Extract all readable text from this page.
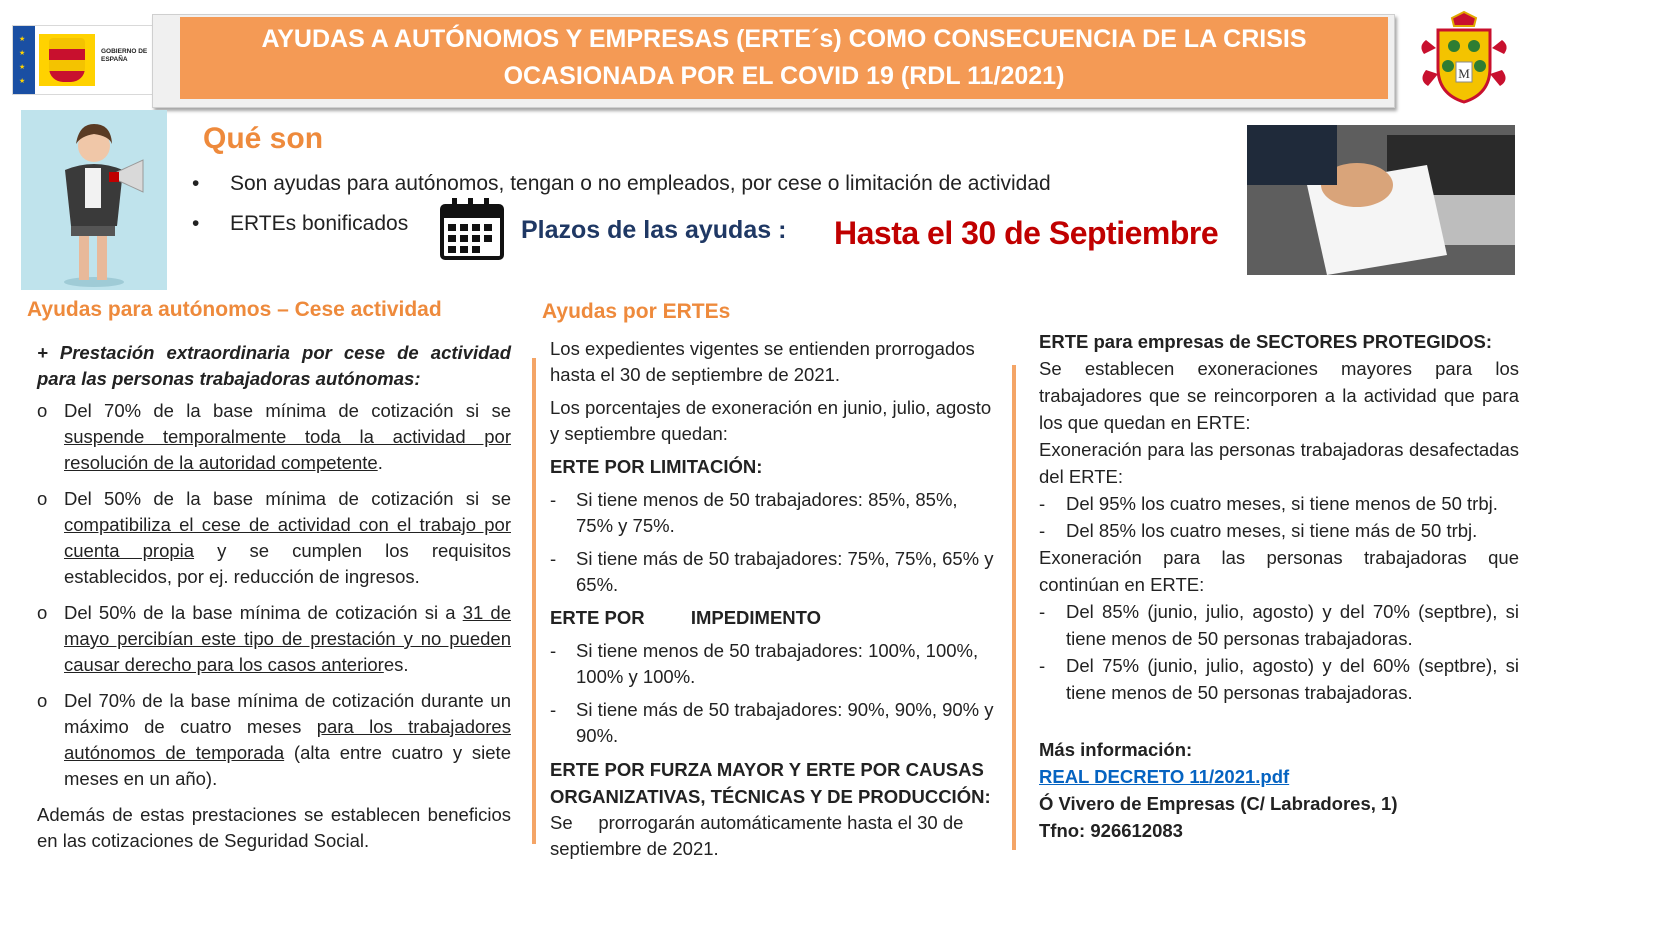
★
★
★
★
GOBIERNO DE ESPAÑA
AYUDAS A AUTÓNOMOS Y EMPRESAS (ERTE´s) COMO CONSECUENCIA DE LA CRISIS
OCASIONADA POR EL COVID 19 (RDL 11/2021)	M
Qué son
• Son ayudas para autónomos, tengan o no empleados, por cese o limitación de actividad
• ERTEs bonificados	Plazos de las ayudas : Hasta el 30 de Septiembre
Ayudas para autónomos – Cese actividad
+ Prestación extraordinaria por cese de actividad para las personas trabajadoras autónomas:
o Del 70% de la base mínima de cotización si se suspende temporalmente toda la actividad por resolución de la autoridad competente.
o Del 50% de la base mínima de cotización si se compatibiliza el cese de actividad con el trabajo por cuenta propia y se cumplen los requisitos establecidos, por ej. reducción de ingresos.
o Del 50% de la base mínima de cotización si a 31 de mayo percibían este tipo de prestación y no pueden causar derecho para los casos anteriores.
o Del 70% de la base mínima de cotización durante un máximo de cuatro meses para los trabajadores autónomos de temporada (alta entre cuatro y siete meses en un año).
Además de estas prestaciones se establecen beneficios en las cotizaciones de Seguridad Social.
Ayudas por ERTEs

Los expedientes vigentes se entienden prorrogados hasta el 30 de septiembre de 2021.

Los porcentajes de exoneración en junio, julio, agosto y septiembre quedan:

ERTE POR LIMITACIÓN:
- Si tiene menos de 50 trabajadores: 85%, 85%, 75% y 75%.
- Si tiene más de 50 trabajadores: 75%, 75%, 65% y 65%.
ERTE POR         IMPEDIMENTO
- Si tiene menos de 50 trabajadores: 100%, 100%, 100% y 100%.
- Si tiene más de 50 trabajadores: 90%, 90%, 90% y 90%.
ERTE POR FURZA MAYOR Y ERTE POR CAUSAS ORGANIZATIVAS, TÉCNICAS Y DE PRODUCCIÓN:
Se     prorrogarán automáticamente hasta el 30 de septiembre de 2021.
ERTE para empresas de SECTORES PROTEGIDOS:
Se establecen exoneraciones mayores para los trabajadores que se reincorporen a la actividad que para los que quedan en ERTE:
Exoneración para las personas trabajadoras desafectadas del ERTE:
- Del 95% los cuatro meses, si tiene menos de 50 trbj.
- Del 85% los cuatro meses, si tiene más de 50 trbj.
Exoneración para las personas trabajadoras que continúan en ERTE:
- Del 85% (junio, julio, agosto) y del 70% (septbre), si tiene menos de 50 personas trabajadoras.
- Del 75% (junio, julio, agosto) y del 60% (septbre), si tiene menos de 50 personas trabajadoras.
Más información:
REAL DECRETO 11/2021.pdf
Ó Vivero de Empresas (C/ Labradores, 1)
Tfno: 926612083
